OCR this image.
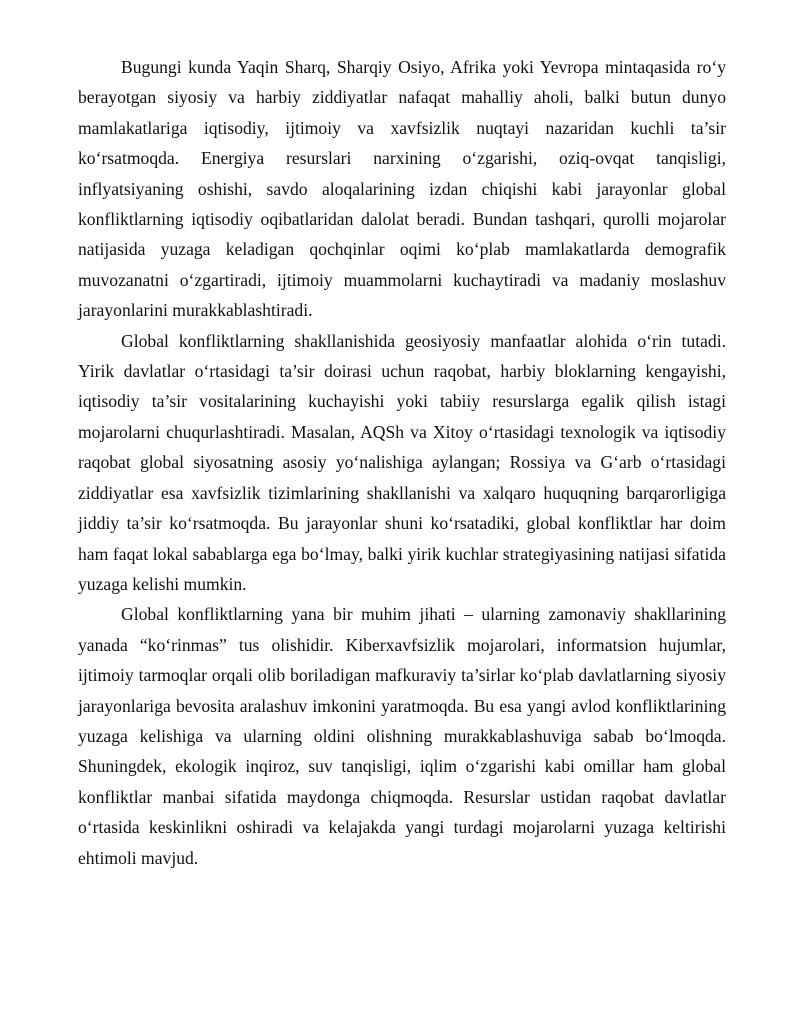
Bugungi kunda Yaqin Sharq, Sharqiy Osiyo, Afrika yoki Yevropa mintaqasida ro‘y berayotgan siyosiy va harbiy ziddiyatlar nafaqat mahalliy aholi, balki butun dunyo mamlakatlariga iqtisodiy, ijtimoiy va xavfsizlik nuqtayi nazaridan kuchli ta’sir ko‘rsatmoqda. Energiya resurslari narxining o‘zgarishi, oziq-ovqat tanqisligi, inflyatsiyaning oshishi, savdo aloqalarining izdan chiqishi kabi jarayonlar global konfliktlarning iqtisodiy oqibatlaridan dalolat beradi. Bundan tashqari, qurolli mojarolar natijasida yuzaga keladigan qochqinlar oqimi ko‘plab mamlakatlarda demografik muvozanatni o‘zgartiradi, ijtimoiy muammolarni kuchaytiradi va madaniy moslashuv jarayonlarini murakkablashtiradi.

Global konfliktlarning shakllanishida geosiyosiy manfaatlar alohida o‘rin tutadi. Yirik davlatlar o‘rtasidagi ta’sir doirasi uchun raqobat, harbiy bloklarning kengayishi, iqtisodiy ta’sir vositalarining kuchayishi yoki tabiiy resurslarga egalik qilish istagi mojarolarni chuqurlashtiradi. Masalan, AQSh va Xitoy o‘rtasidagi texnologik va iqtisodiy raqobat global siyosatning asosiy yo‘nalishiga aylangan; Rossiya va G‘arb o‘rtasidagi ziddiyatlar esa xavfsizlik tizimlarining shakllanishi va xalqaro huquqning barqarorligiga jiddiy ta’sir ko‘rsatmoqda. Bu jarayonlar shuni ko‘rsatadiki, global konfliktlar har doim ham faqat lokal sabablarga ega bo‘lmay, balki yirik kuchlar strategiyasining natijasi sifatida yuzaga kelishi mumkin.

Global konfliktlarning yana bir muhim jihati – ularning zamonaviy shakllarining yanada “ko‘rinmas” tus olishidir. Kiberxavfsizlik mojarolari, informatsion hujumlar, ijtimoiy tarmoqlar orqali olib boriladigan mafkuraviy ta’sirlar ko‘plab davlatlarning siyosiy jarayonlariga bevosita aralashuv imkonini yaratmoqda. Bu esa yangi avlod konfliktlarining yuzaga kelishiga va ularning oldini olishning murakkablashuviga sabab bo‘lmoqda. Shuningdek, ekologik inqiroz, suv tanqisligi, iqlim o‘zgarishi kabi omillar ham global konfliktlar manbai sifatida maydonga chiqmoqda. Resurslar ustidan raqobat davlatlar o‘rtasida keskinlikni oshiradi va kelajakda yangi turdagi mojarolarni yuzaga keltirishi ehtimoli mavjud.
